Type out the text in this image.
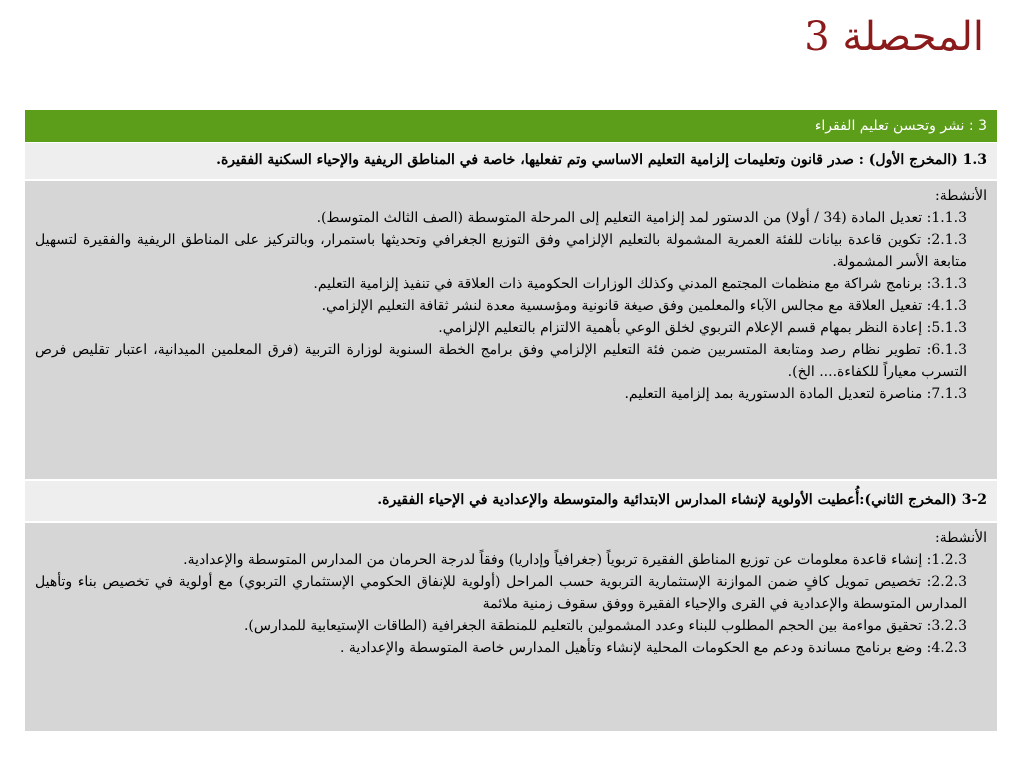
المحصلة 3
3 : نشر وتحسن تعليم الفقراء
1.3 (المخرج الأول) : صدر قانون وتعليمات إلزامية التعليم الاساسي وتم تفعليها، خاصة في المناطق الريفية والإحياء السكنية الفقيرة.
الأنشطة:
1.1.3: تعديل المادة (34 / أولا) من الدستور لمد إلزامية التعليم إلى المرحلة المتوسطة (الصف الثالث المتوسط).
2.1.3: تكوين قاعدة بيانات للفئة العمرية المشمولة بالتعليم الإلزامي وفق التوزيع الجغرافي وتحديثها باستمرار، وبالتركيز على المناطق الريفية والفقيرة لتسهيل متابعة الأسر المشمولة.
3.1.3: برنامج شراكة مع منظمات المجتمع المدني وكذلك الوزارات الحكومية ذات العلاقة في تنفيذ إلزامية التعليم.
4.1.3: تفعيل العلاقة مع مجالس الآباء والمعلمين وفق صيغة قانونية ومؤسسية معدة لنشر ثقافة التعليم الإلزامي.
5.1.3: إعادة النظر بمهام قسم الإعلام التربوي لخلق الوعي بأهمية الالتزام بالتعليم الإلزامي.
6.1.3: تطوير نظام رصد ومتابعة المتسربين ضمن فئة التعليم الإلزامي وفق برامج الخطة السنوية لوزارة التربية (فرق المعلمين الميدانية، اعتبار تقليص فرص التسرب معياراً للكفاءة.... الخ).
7.1.3: مناصرة لتعديل المادة الدستورية بمد إلزامية التعليم.
3-2 (المخرج الثاني):أُعطيت الأولوية لإنشاء المدارس الابتدائية والمتوسطة والإعدادية في الإحياء الفقيرة.
الأنشطة:
1.2.3: إنشاء قاعدة معلومات عن توزيع المناطق الفقيرة تربوياً (جغرافياً وإداريا) وفقاً لدرجة الحرمان من المدارس المتوسطة والإعدادية.
2.2.3: تخصيص تمويل كافٍ ضمن الموازنة الإستثمارية التربوية حسب المراحل (أولوية للإنفاق الحكومي الإستثماري التربوي) مع أولوية في تخصيص بناء وتأهيل المدارس المتوسطة والإعدادية في القرى والإحياء الفقيرة ووفق سقوف زمنية ملائمة
3.2.3: تحقيق مواءمة بين الحجم المطلوب للبناء وعدد المشمولين بالتعليم للمنطقة الجغرافية (الطاقات الإستيعابية للمدارس).
4.2.3: وضع برنامج مساندة ودعم مع الحكومات المحلية لإنشاء وتأهيل المدارس خاصة المتوسطة والإعدادية .
